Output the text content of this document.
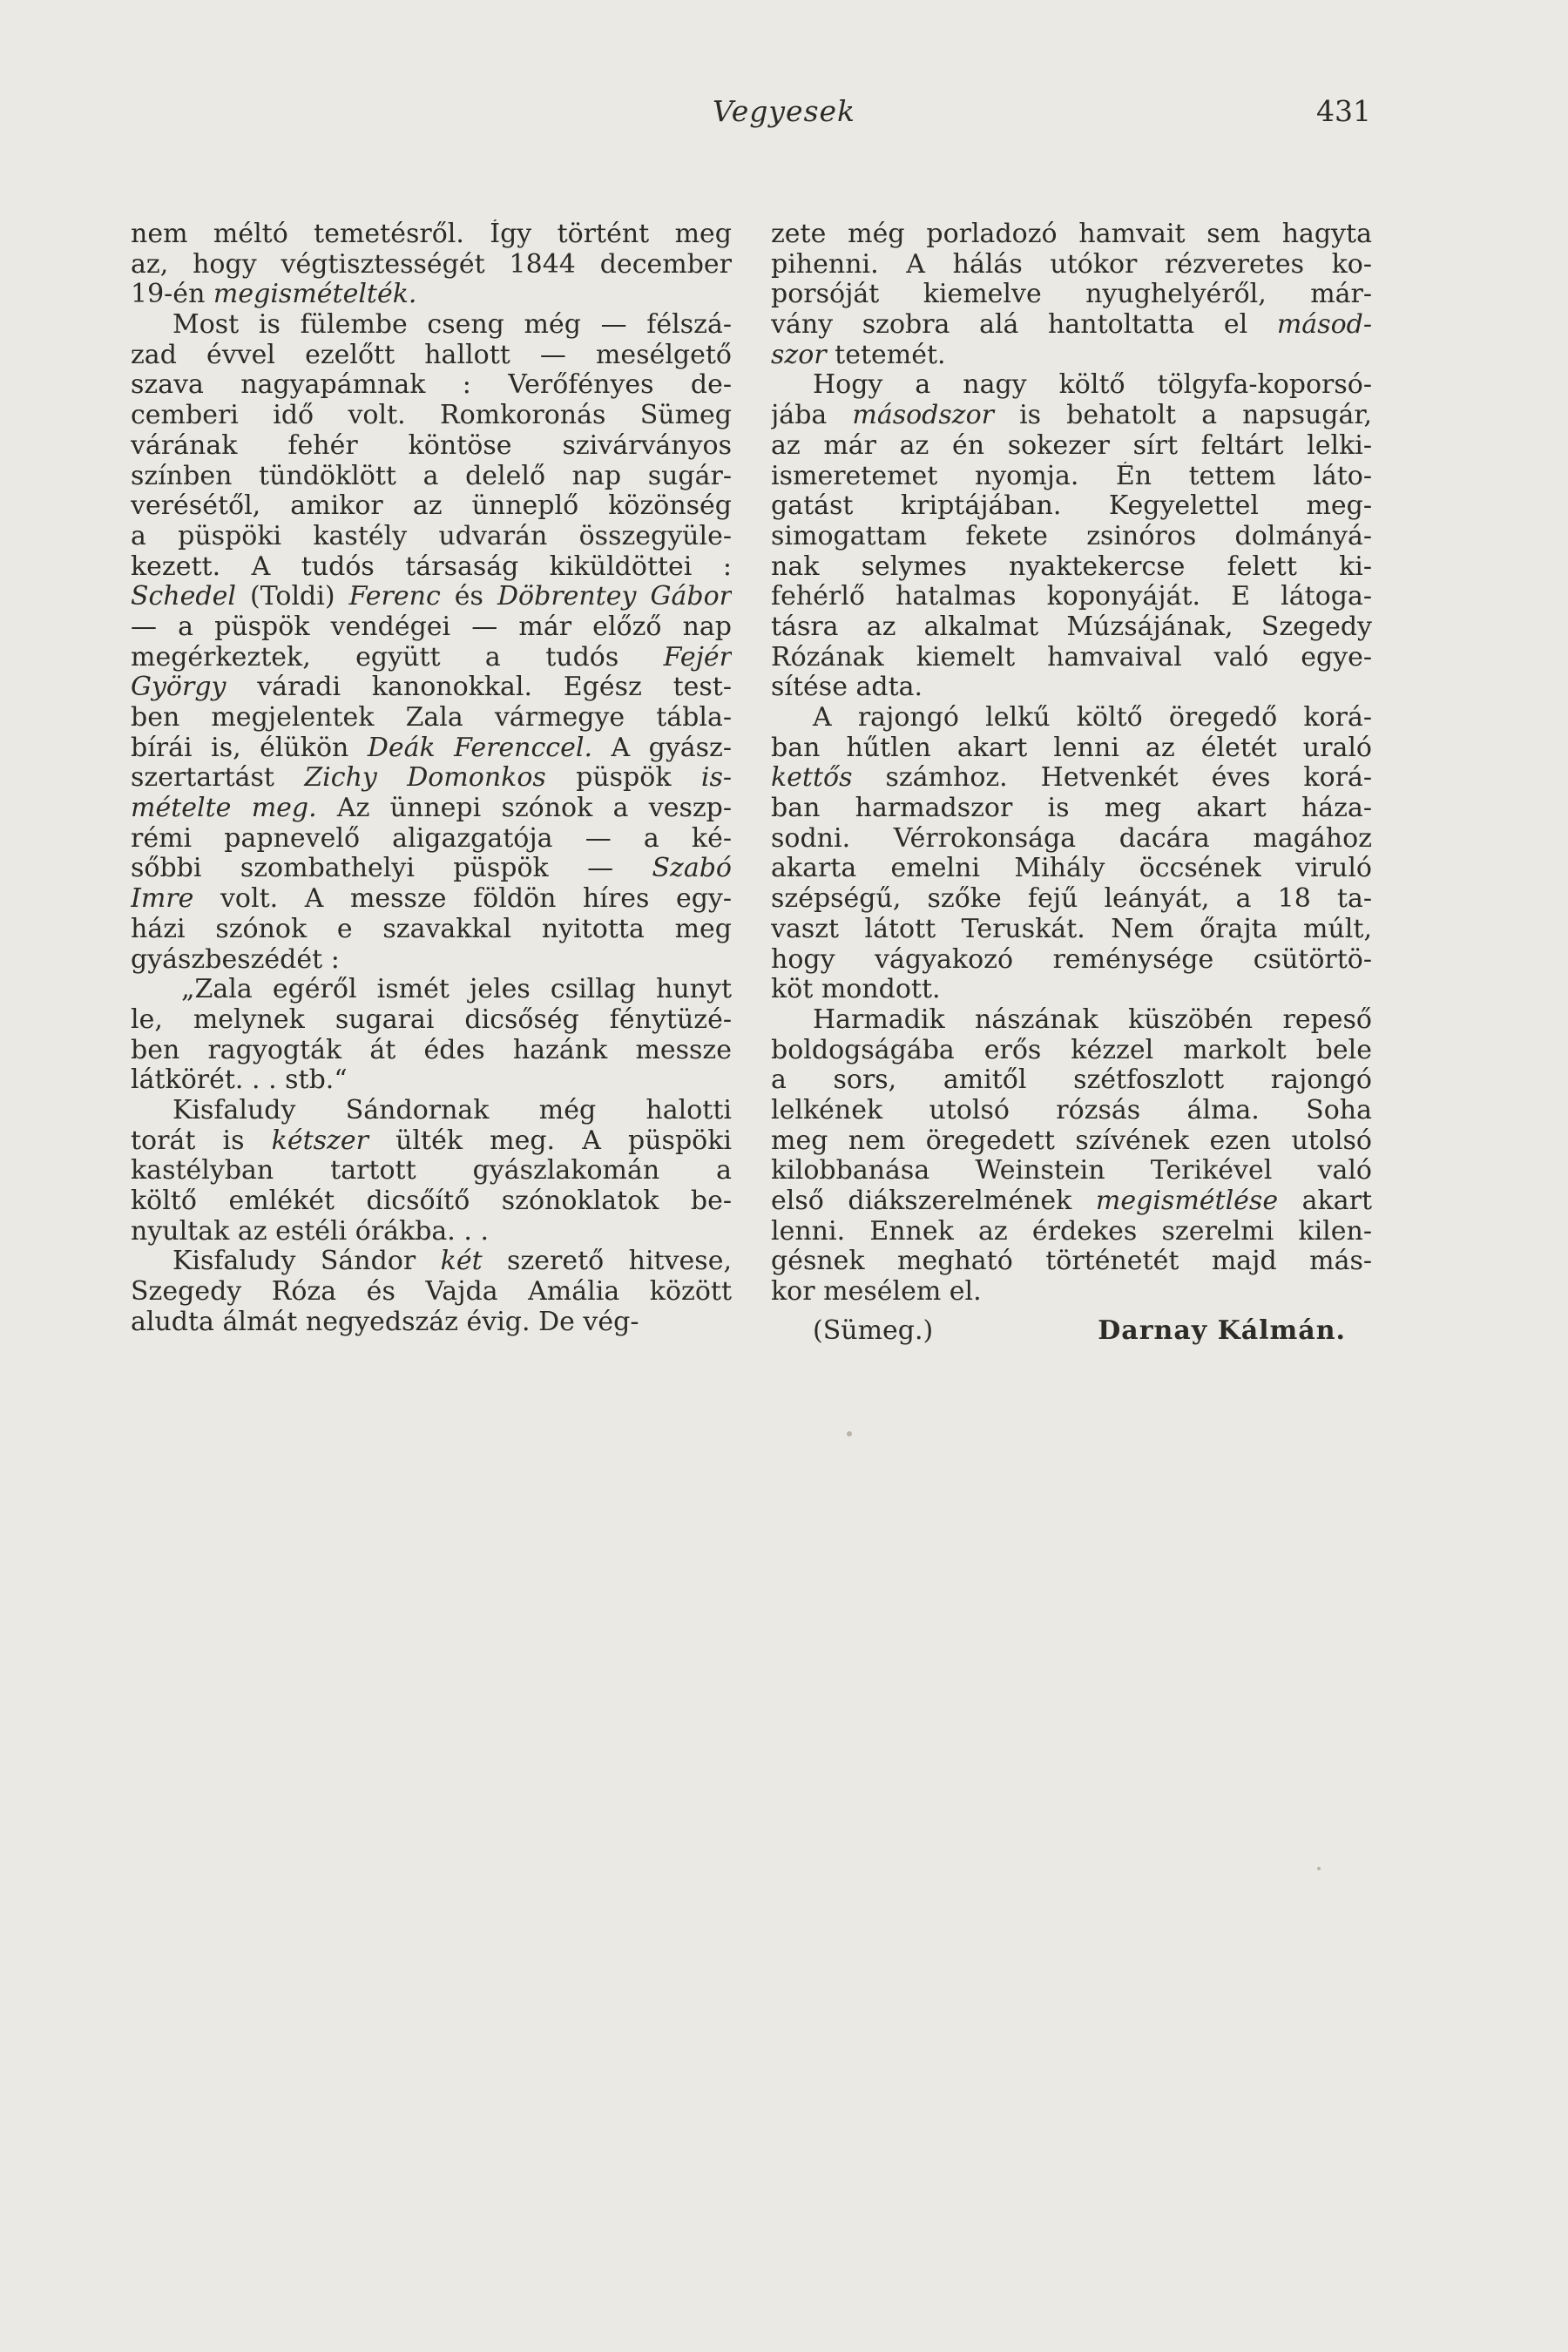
Vegyesek	431
nem méltó temetésről. Így történt meg
az, hogy végtisztességét 1844 december
19-én megismételték.
Most is fülembe cseng még — félszá-
zad évvel ezelőtt hallott — mesélgető
szava nagyapámnak : Verőfényes de-
cemberi idő volt. Romkoronás Sümeg
várának fehér köntöse szivárványos
színben tündöklött a delelő nap sugár-
verésétől, amikor az ünneplő közönség
a püspöki kastély udvarán összegyüle-
kezett. A tudós társaság kiküldöttei :
Schedel (Toldi) Ferenc és Döbrentey Gábor
— a püspök vendégei — már előző nap
megérkeztek, együtt a tudós Fejér
György váradi kanonokkal. Egész test-
ben megjelentek Zala vármegye tábla-
bírái is, élükön Deák Ferenccel. A gyász-
szertartást Zichy Domonkos püspök is-
mételte meg. Az ünnepi szónok a veszp-
rémi papnevelő aligazgatója — a ké-
sőbbi szombathelyi püspök — Szabó
Imre volt. A messze földön híres egy-
házi szónok e szavakkal nyitotta meg
gyászbeszédét :
„Zala egéről ismét jeles csillag hunyt
le, melynek sugarai dicsőség fénytüzé-
ben ragyogták át édes hazánk messze
látkörét. . . stb.“
Kisfaludy Sándornak még halotti
torát is kétszer ülték meg. A püspöki
kastélyban tartott gyászlakomán a
költő emlékét dicsőítő szónoklatok be-
nyultak az estéli órákba. . .
Kisfaludy Sándor két szerető hitvese,
Szegedy Róza és Vajda Amália között
aludta álmát negyedszáz évig. De vég-
zete még porladozó hamvait sem hagyta
pihenni. A hálás utókor rézveretes ko-
porsóját kiemelve nyughelyéről, már-
vány szobra alá hantoltatta el másod-
szor tetemét.
Hogy a nagy költő tölgyfa-koporsó-
jába másodszor is behatolt a napsugár,
az már az én sokezer sírt feltárt lelki-
ismeretemet nyomja. Én tettem láto-
gatást kriptájában. Kegyelettel meg-
simogattam fekete zsinóros dolmányá-
nak selymes nyaktekercse felett ki-
fehérlő hatalmas koponyáját. E látoga-
tásra az alkalmat Múzsájának, Szegedy
Rózának kiemelt hamvaival való egye-
sítése adta.
A rajongó lelkű költő öregedő korá-
ban hűtlen akart lenni az életét uraló
kettős számhoz. Hetvenkét éves korá-
ban harmadszor is meg akart háza-
sodni. Vérrokonsága dacára magához
akarta emelni Mihály öccsének viruló
szépségű, szőke fejű leányát, a 18 ta-
vaszt látott Teruskát. Nem őrajta múlt,
hogy vágyakozó reménysége csütörtö-
köt mondott.
Harmadik nászának küszöbén repeső
boldogságába erős kézzel markolt bele
a sors, amitől szétfoszlott rajongó
lelkének utolsó rózsás álma. Soha
meg nem öregedett szívének ezen utolsó
kilobbanása Weinstein Terikével való
első diákszerelmének megismétlése akart
lenni. Ennek az érdekes szerelmi kilen-
gésnek megható történetét majd más-
kor mesélem el.
(Sümeg.)	Darnay Kálmán.
